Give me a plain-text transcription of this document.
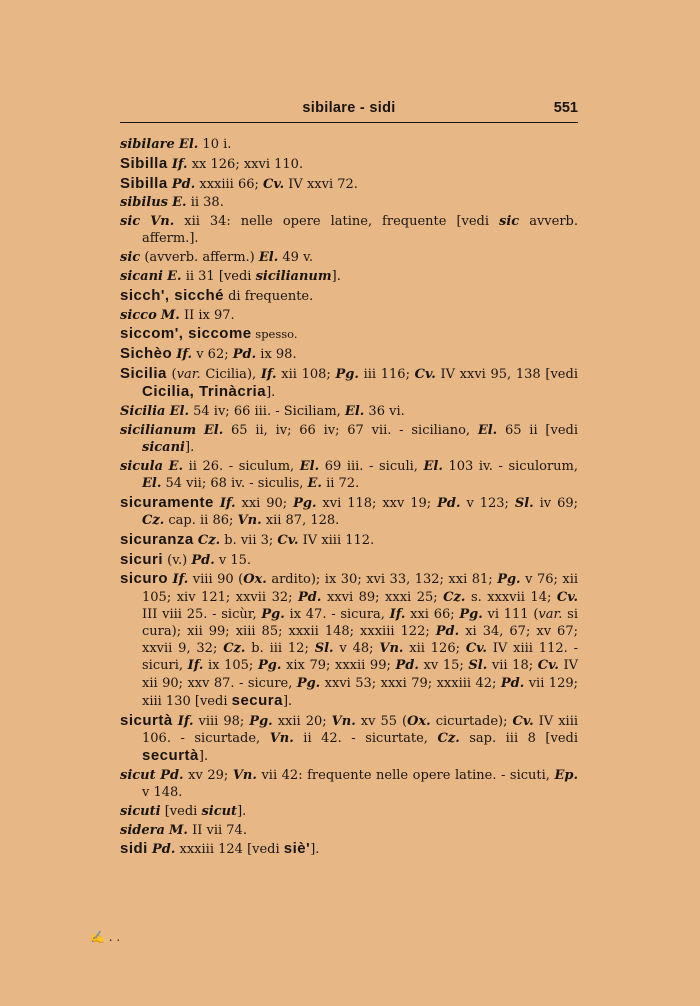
sibilare - sidi	551

sibilare El. 10 i.

Sibilla If. xx 126; xxvi 110.

Sibilla Pd. xxxiii 66; Cv. IV xxvi 72.

sibilus E. ii 38.

sic Vn. xii 34: nelle opere latine, frequente [vedi sic avverb. afferm.].

sic (avverb. afferm.) El. 49 v.

sicani E. ii 31 [vedi sicilianum].

sicch', sicché di frequente.

sicco M. II ix 97.

siccom', siccome spesso.

Sichèo If. v 62; Pd. ix 98.

Sicilia (var. Cicilia), If. xii 108; Pg. iii 116; Cv. IV xxvi 95, 138 [vedi Cicilia, Trinàcria].

Sicilia El. 54 iv; 66 iii. - Siciliam, El. 36 vi.

sicilianum El. 65 ii, iv; 66 iv; 67 vii. - siciliano, El. 65 ii [vedi sicani].

sicula E. ii 26. - siculum, El. 69 iii. - siculi, El. 103 iv. - siculorum, El. 54 vii; 68 iv. - siculis, E. ii 72.

sicuramente If. xxi 90; Pg. xvi 118; xxv 19; Pd. v 123; Sl. iv 69; Cz. cap. ii 86; Vn. xii 87, 128.

sicuranza Cz. b. vii 3; Cv. IV xiii 112.

sicuri (v.) Pd. v 15.

sicuro If. viii 90 (Ox. ardito); ix 30; xvi 33, 132; xxi 81; Pg. v 76; xii 105; xiv 121; xxvii 32; Pd. xxvi 89; xxxi 25; Cz. s. xxxvii 14; Cv. III viii 25. - sicùr, Pg. ix 47. - sicura, If. xxi 66; Pg. vi 111 (var. si cura); xii 99; xiii 85; xxxii 148; xxxiii 122; Pd. xi 34, 67; xv 67; xxvii 9, 32; Cz. b. iii 12; Sl. v 48; Vn. xii 126; Cv. IV xiii 112. - sicuri, If. ix 105; Pg. xix 79; xxxii 99; Pd. xv 15; Sl. vii 18; Cv. IV xii 90; xxv 87. - sicure, Pg. xxvi 53; xxxi 79; xxxiii 42; Pd. vii 129; xiii 130 [vedi secura].

sicurtà If. viii 98; Pg. xxii 20; Vn. xv 55 (Ox. cicurtade); Cv. IV xiii 106. - sicurtade, Vn. ii 42. - sicurtate, Cz. sap. iii 8 [vedi securtà].

sicut Pd. xv 29; Vn. vii 42: frequente nelle opere latine. - sicuti, Ep. v 148.

sicuti [vedi sicut].

sidera M. II vii 74.

sidi Pd. xxxiii 124 [vedi siè'].

✍ . .
